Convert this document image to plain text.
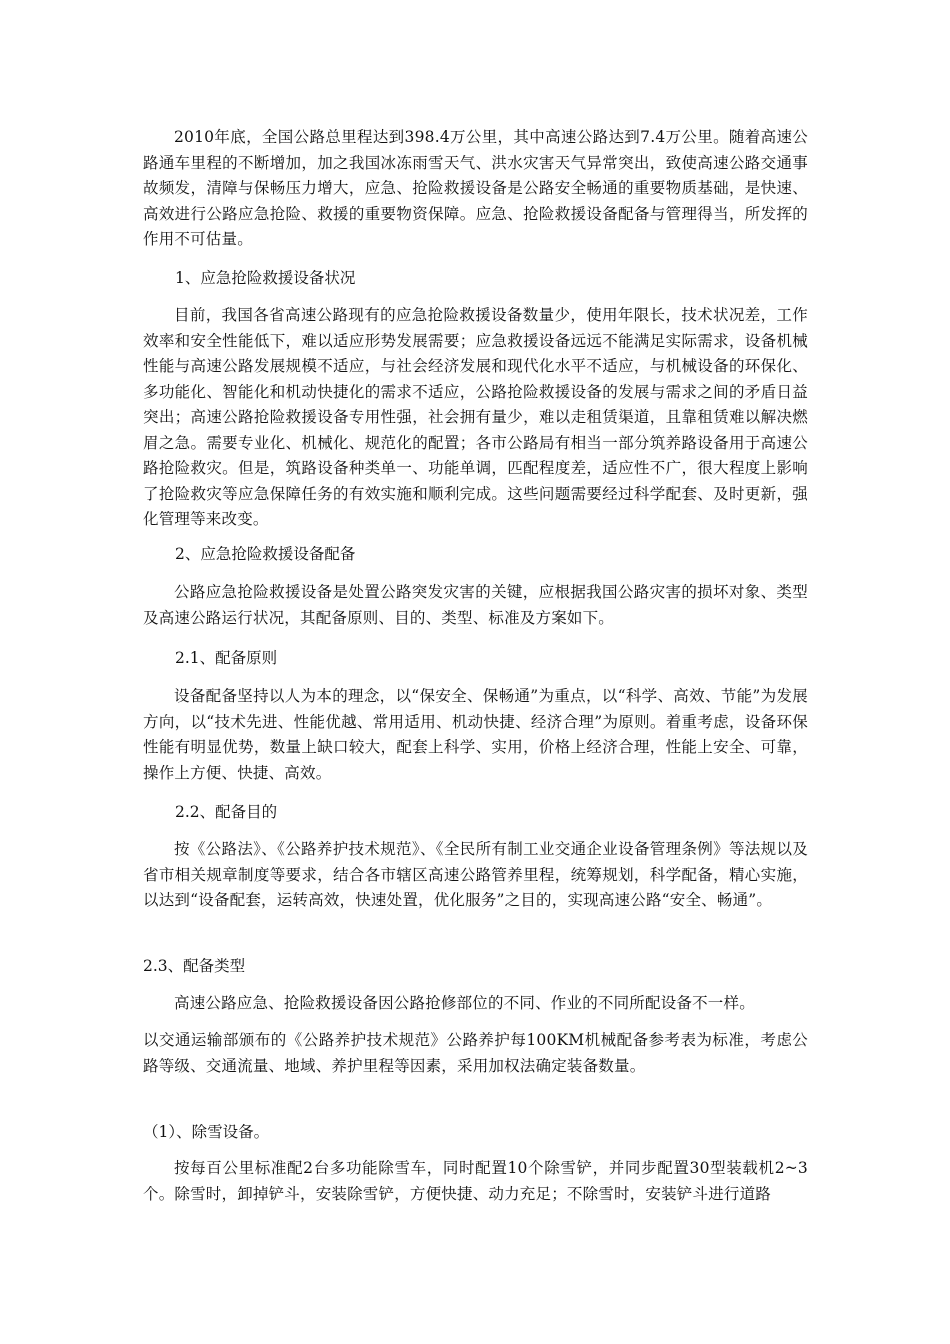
2010年底，全国公路总里程达到398.4万公里，其中高速公路达到7.4万公里。随着高速公路通车里程的不断增加，加之我国冰冻雨雪天气、洪水灾害天气异常突出，致使高速公路交通事故频发，清障与保畅压力增大，应急、抢险救援设备是公路安全畅通的重要物质基础，是快速、高效进行公路应急抢险、救援的重要物资保障。应急、抢险救援设备配备与管理得当，所发挥的作用不可估量。

1、应急抢险救援设备状况

目前，我国各省高速公路现有的应急抢险救援设备数量少，使用年限长，技术状况差，工作效率和安全性能低下，难以适应形势发展需要；应急救援设备远远不能满足实际需求，设备机械性能与高速公路发展规模不适应，与社会经济发展和现代化水平不适应，与机械设备的环保化、多功能化、智能化和机动快捷化的需求不适应，公路抢险救援设备的发展与需求之间的矛盾日益突出；高速公路抢险救援设备专用性强，社会拥有量少，难以走租赁渠道，且靠租赁难以解决燃眉之急。需要专业化、机械化、规范化的配置；各市公路局有相当一部分筑养路设备用于高速公路抢险救灾。但是，筑路设备种类单一、功能单调，匹配程度差，适应性不广，很大程度上影响了抢险救灾等应急保障任务的有效实施和顺利完成。这些问题需要经过科学配套、及时更新，强化管理等来改变。

2、应急抢险救援设备配备

公路应急抢险救援设备是处置公路突发灾害的关键，应根据我国公路灾害的损坏对象、类型及高速公路运行状况，其配备原则、目的、类型、标准及方案如下。

2.1、配备原则

设备配备坚持以人为本的理念，以“保安全、保畅通”为重点，以“科学、高效、节能”为发展方向，以“技术先进、性能优越、常用适用、机动快捷、经济合理”为原则。着重考虑，设备环保性能有明显优势，数量上缺口较大，配套上科学、实用，价格上经济合理，性能上安全、可靠，操作上方便、快捷、高效。

2.2、配备目的

按《公路法》、《公路养护技术规范》、《全民所有制工业交通企业设备管理条例》等法规以及省市相关规章制度等要求，结合各市辖区高速公路管养里程，统筹规划，科学配备，精心实施，以达到“设备配套，运转高效，快速处置，优化服务”之目的，实现高速公路“安全、畅通”。

2.3、配备类型

高速公路应急、抢险救援设备因公路抢修部位的不同、作业的不同所配设备不一样。

以交通运输部颁布的《公路养护技术规范》公路养护每100KM机械配备参考表为标准，考虑公路等级、交通流量、地域、养护里程等因素，采用加权法确定装备数量。

（1）、除雪设备。

按每百公里标准配2台多功能除雪车，同时配置10个除雪铲，并同步配置30型装载机2~3个。除雪时，卸掉铲斗，安装除雪铲，方便快捷、动力充足；不除雪时，安装铲斗进行道路
